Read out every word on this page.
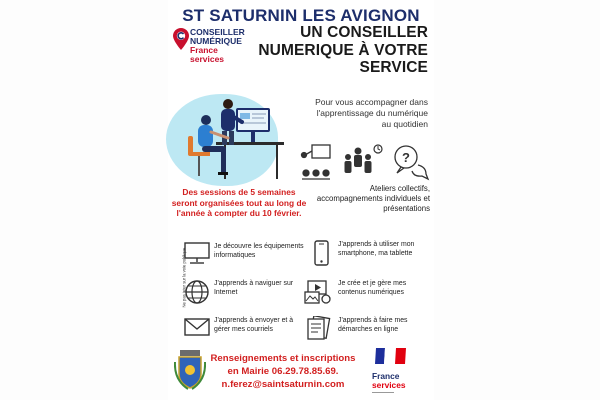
ST SATURNIN LES AVIGNON
CONSEILLER
NUMÉRIQUE
France
services
UN CONSEILLER
NUMERIQUE À VOTRE
SERVICE
Pour vous accompagner dans
l'apprentissage du numérique
au quotidien
?
Ateliers collectifs,
accompagnements individuels et
présentations
Des sessions de 5 semaines
seront organisées tout au long de
l'année à compter du 10 février.
Ne pas jeter sur la voie publique.	Je découvre les équipements informatiques
J'apprends à utiliser mon smartphone, ma tablette
J'apprends à naviguer sur Internet
Je crée et je gère mes contenus numériques
J'apprends à envoyer et à gérer mes courriels
J'apprends à faire mes démarches en ligne
Renseignements et inscriptions
en Mairie 06.29.78.85.69.
n.ferez@saintsaturnin.com
France
services
